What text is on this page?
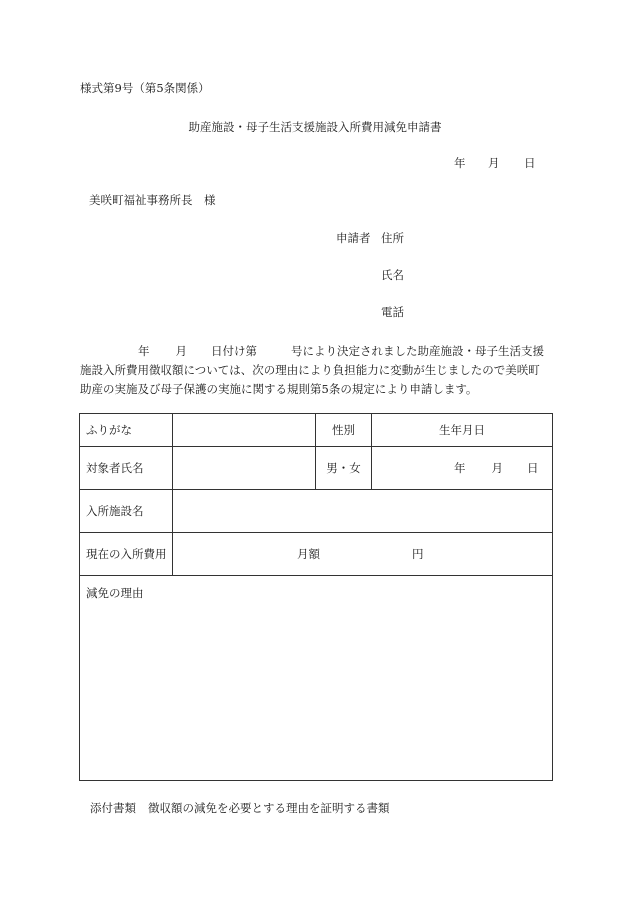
様式第9号（第5条関係）
助産施設・母子生活支援施設入所費用減免申請書
年 月 日
美咲町福祉事務所長　様
申請者 住所
氏名
電話
年 月 日付け第	号により決定されました助産施設・母子生活支援
施設入所費用徴収額については、次の理由により負担能力に変動が生じましたので美咲町
助産の実施及び母子保護の実施に関する規則第5条の規定により申請します。
ふりがな		性別	生年月日
対象者氏名		男・女	年 月 日
入所施設名			
現在の入所費用	月額 円		
減免の理由			
添付書類 徴収額の減免を必要とする理由を証明する書類
